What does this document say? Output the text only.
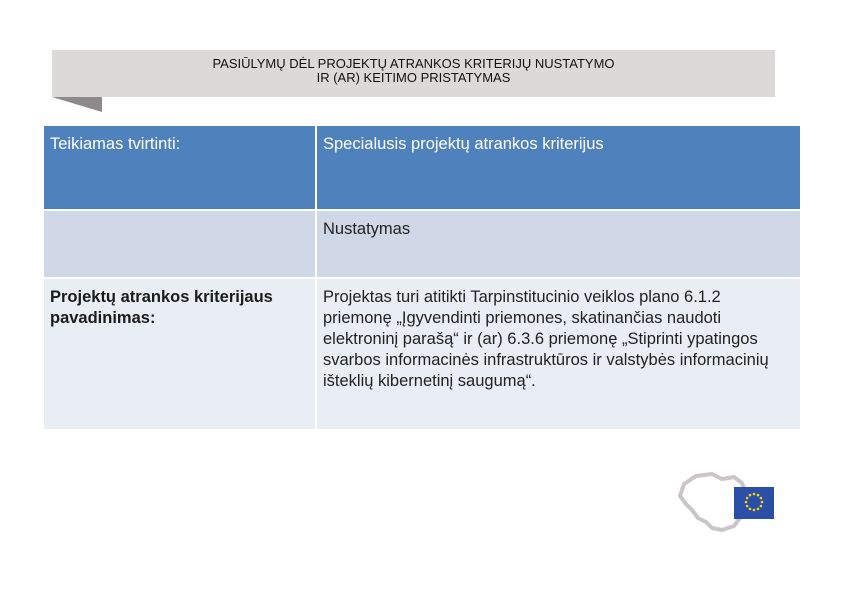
PASIŪLYMŲ DĖL PROJEKTŲ ATRANKOS KRITERIJŲ NUSTATYMO
IR (AR) KEITIMO PRISTATYMAS
Teikiamas tvirtinti:	Specialusis projektų atrankos kriterijus
	Nustatymas
Projektų atrankos kriterijaus pavadinimas:	Projektas turi atitikti Tarpinstitucinio veiklos plano 6.1.2 priemonę „Įgyvendinti priemones, skatinančias naudoti elektroninį parašą“ ir (ar) 6.3.6 priemonę „Stiprinti ypatingos svarbos informacinės infrastruktūros ir valstybės informacinių išteklių kibernetinį saugumą“.
